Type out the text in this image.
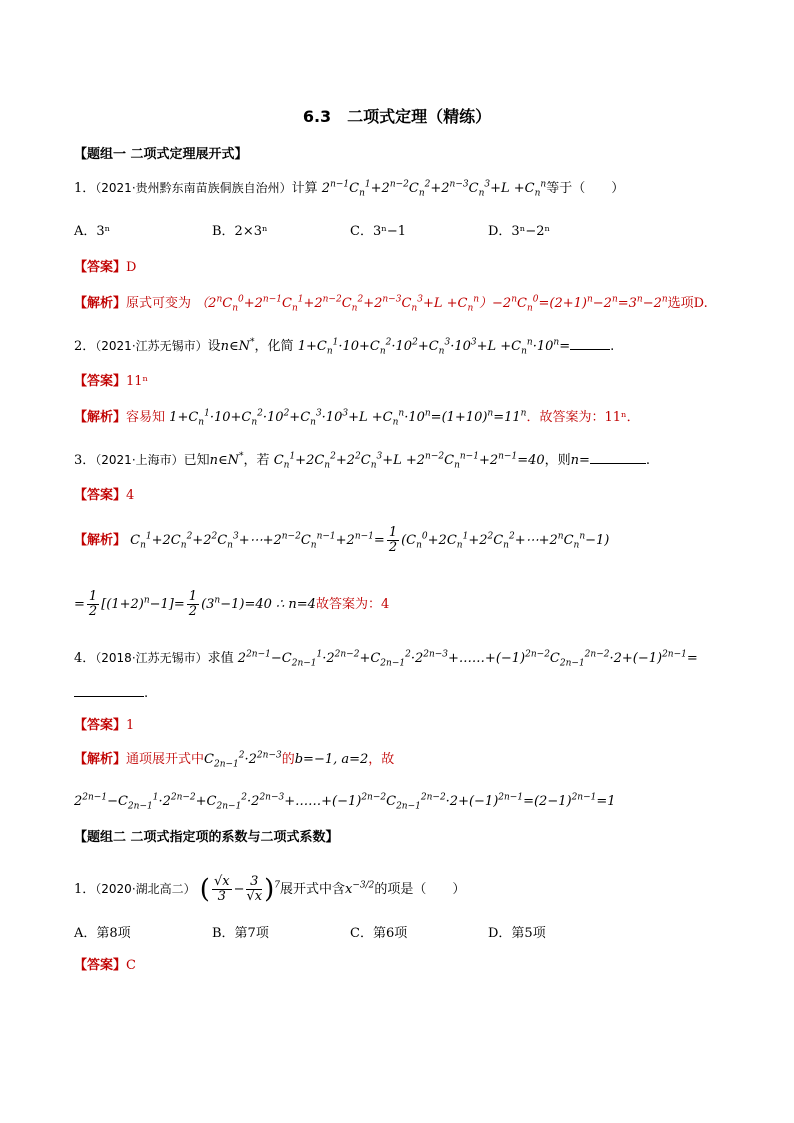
6.3　二项式定理（精练）
【题组一 二项式定理展开式】
1．（2021·贵州黔东南苗族侗族自治州）计算 $2^{n-1}C_n^1+2^{n-2}C_n^2+2^{n-3}C_n^3+L +C_n^n$等于（　　）
A．3ⁿ	B．2×3ⁿ	C．3ⁿ−1	D．3ⁿ−2ⁿ
【答案】D
【解析】原式可变为 $(2^nC_n^0+2^{n-1}C_n^1+2^{n-2}C_n^2+2^{n-3}C_n^3+L +C_n^n)-2^nC_n^0=(2+1)^n-2^n=3^n-2^n$选项D.
2．（2021·江苏无锡市）设n∈N*，化简 $1+C_n^1\cdot 10+C_n^2\cdot 10^2+C_n^3\cdot 10^3+L +C_n^n\cdot 10^n=$	.
【答案】11ⁿ
【解析】容易知 $1+C_n^1\cdot 10+C_n^2\cdot 10^2+C_n^3\cdot 10^3+L +C_n^n\cdot 10^n=(1+10)^n=11^n$．故答案为：11ⁿ．
3．（2021·上海市）已知n∈N*，若 $C_n^1+2C_n^2+2^2C_n^3+L +2^{n-2}C_n^{n-1}+2^{n-1}=40$，则n=	.
【答案】4
【解析】 $C_n^1+2C_n^2+2^2C_n^3+\cdots+2^{n-2}C_n^{n-1}+2^{n-1}= \frac{1}{2}$ $(C_n^0+2C_n^1+2^2C_n^2+\cdots+2^nC_n^n-1)$
= $\frac{1}{2} [(1+2)^n-1]= \frac{1}{2} (3^n-1)=40$ ∴ n=4故答案为：4
4．（2018·江苏无锡市）求值 $2^{2n-1}-C_{2n-1}^1\cdot 2^{2n-2}+C_{2n-1}^2\cdot 2^{2n-3}+\dots\dots+(-1)^{2n-2}C_{2n-1}^{2n-2}\cdot 2+(-1)^{2n-1}=$
.
【答案】1
【解析】通项展开式中$C_{2n-1}^2\cdot 2^{2n-3}$的b=−1, a=2，故
$2^{2n-1}-C_{2n-1}^1\cdot 2^{2n-2}+C_{2n-1}^2\cdot 2^{2n-3}+\dots\dots+(-1)^{2n-2}C_{2n-1}^{2n-2}\cdot 2+(-1)^{2n-1}=(2-1)^{2n-1}=1$
【题组二 二项式指定项的系数与二项式系数】
1．（2020·湖北高二） ( $\frac{√x}{3} - \frac{3}{√x} )^7$展开式中含$x^{-3/2}$的项是（　　）
A．第8项	B．第7项	C．第6项	D．第5项
【答案】C
